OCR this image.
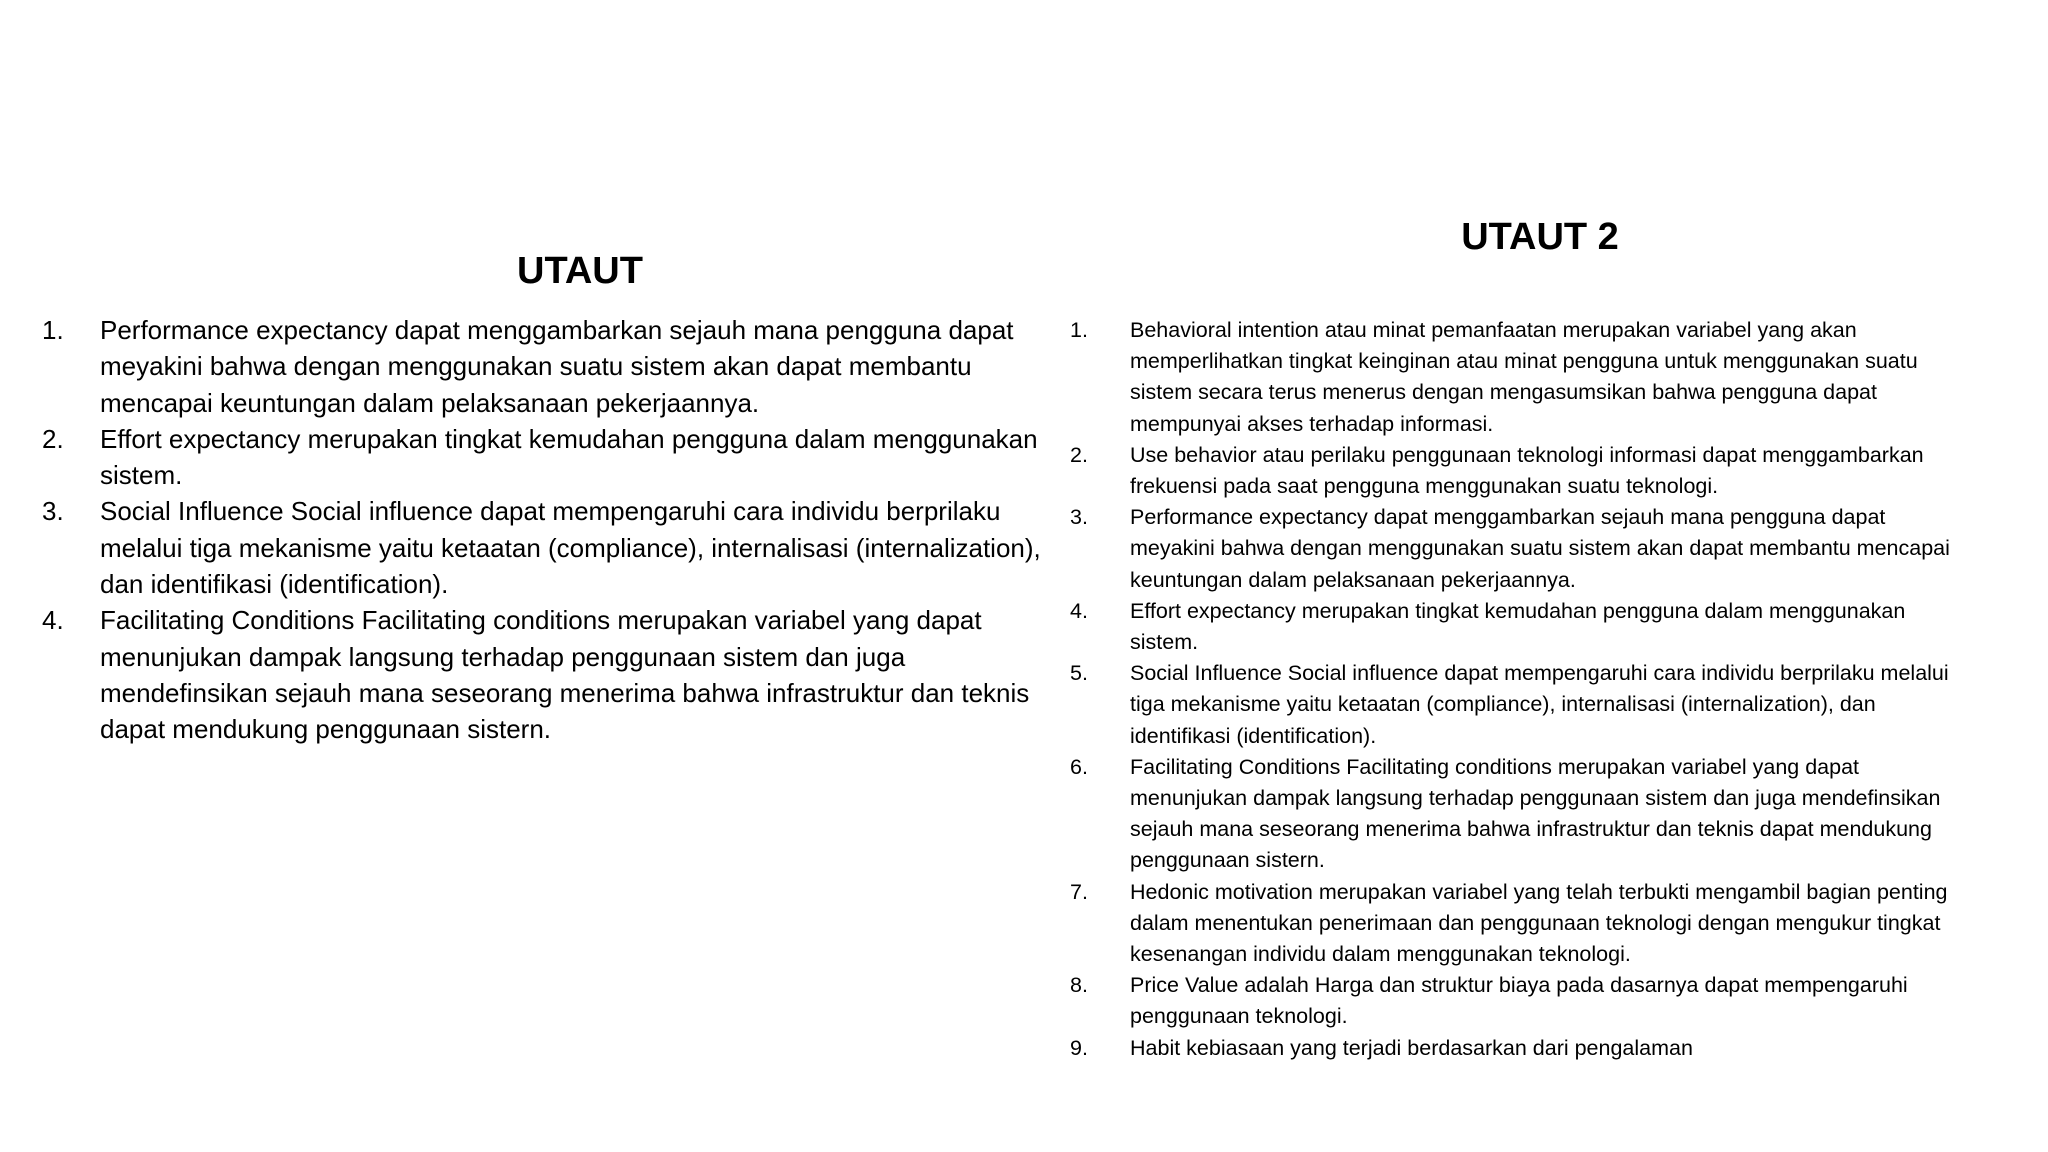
UTAUT
1. Performance expectancy dapat menggambarkan sejauh mana pengguna dapat meyakini bahwa dengan menggunakan suatu sistem akan dapat membantu mencapai keuntungan dalam pelaksanaan pekerjaannya.
2. Effort expectancy merupakan tingkat kemudahan pengguna dalam menggunakan sistem.
3. Social Influence Social influence dapat mempengaruhi cara individu berprilaku melalui tiga mekanisme yaitu ketaatan (compliance), internalisasi (internalization), dan identifikasi (identification).
4. Facilitating Conditions Facilitating conditions merupakan variabel yang dapat menunjukan dampak langsung terhadap penggunaan sistem dan juga mendefinsikan sejauh mana seseorang menerima bahwa infrastruktur dan teknis dapat mendukung penggunaan sistern.
UTAUT 2
1. Behavioral intention atau minat pemanfaatan merupakan variabel yang akan memperlihatkan tingkat keinginan atau minat pengguna untuk menggunakan suatu sistem secara terus menerus dengan mengasumsikan bahwa pengguna dapat mempunyai akses terhadap informasi.
2. Use behavior atau perilaku penggunaan teknologi informasi dapat menggambarkan frekuensi pada saat pengguna menggunakan suatu teknologi.
3. Performance expectancy dapat menggambarkan sejauh mana pengguna dapat meyakini bahwa dengan menggunakan suatu sistem akan dapat membantu mencapai keuntungan dalam pelaksanaan pekerjaannya.
4. Effort expectancy merupakan tingkat kemudahan pengguna dalam menggunakan sistem.
5. Social Influence Social influence dapat mempengaruhi cara individu berprilaku melalui tiga mekanisme yaitu ketaatan (compliance), internalisasi (internalization), dan identifikasi (identification).
6. Facilitating Conditions Facilitating conditions merupakan variabel yang dapat menunjukan dampak langsung terhadap penggunaan sistem dan juga mendefinsikan sejauh mana seseorang menerima bahwa infrastruktur dan teknis dapat mendukung penggunaan sistern.
7. Hedonic motivation merupakan variabel yang telah terbukti mengambil bagian penting dalam menentukan penerimaan dan penggunaan teknologi dengan mengukur tingkat kesenangan individu dalam menggunakan teknologi.
8. Price Value adalah Harga dan struktur biaya pada dasarnya dapat mempengaruhi penggunaan teknologi.
9. Habit kebiasaan yang terjadi berdasarkan dari pengalaman
